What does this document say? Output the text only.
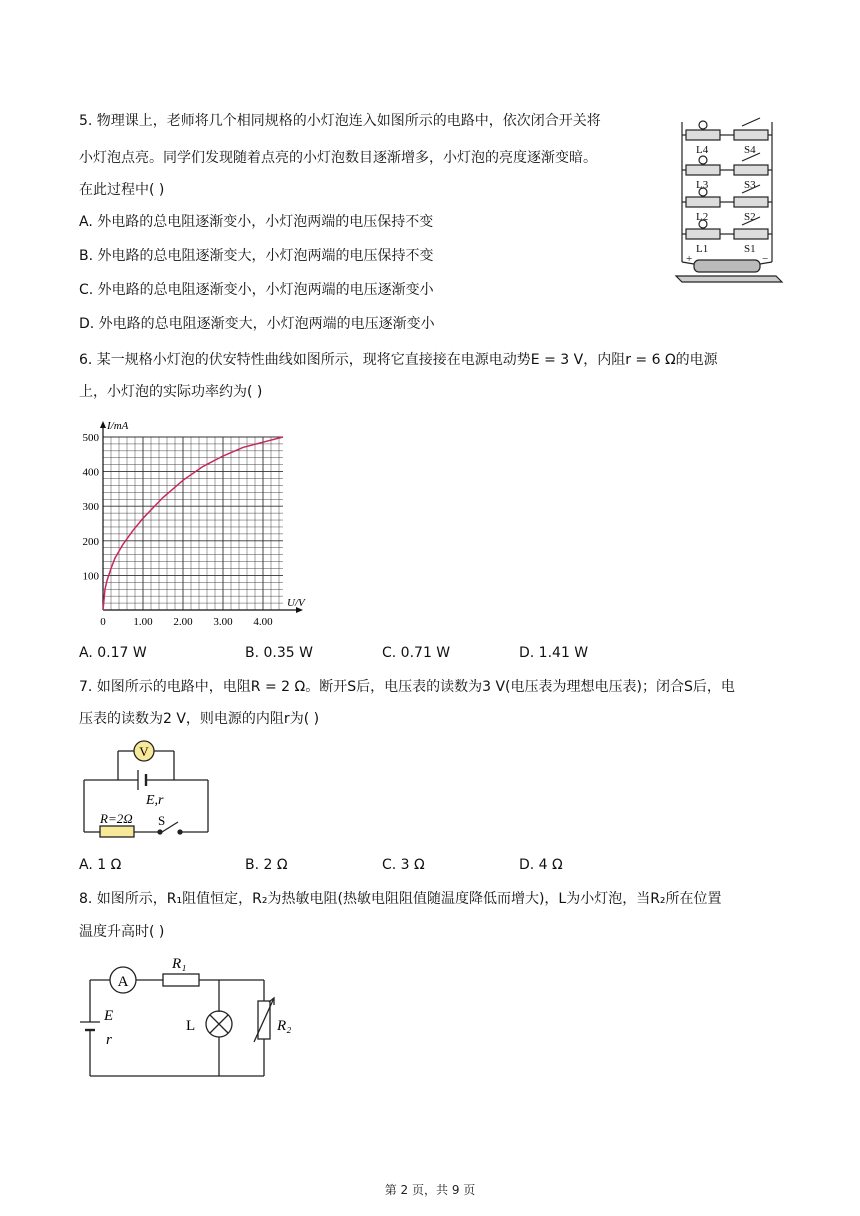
5. 物理课上，老师将几个相同规格的小灯泡连入如图所示的电路中，依次闭合开关将
小灯泡点亮。同学们发现随着点亮的小灯泡数目逐渐增多，小灯泡的亮度逐渐变暗。
在此过程中( )
A. 外电路的总电阻逐渐变小，小灯泡两端的电压保持不变
B. 外电路的总电阻逐渐变大，小灯泡两端的电压保持不变
C. 外电路的总电阻逐渐变小，小灯泡两端的电压逐渐变小
D. 外电路的总电阻逐渐变大，小灯泡两端的电压逐渐变小
L4	S4
L3	S3
L2	S2
L1	S1
+	−
6. 某一规格小灯泡的伏安特性曲线如图所示，现将它直接接在电源电动势E = 3 V，内阻r = 6 Ω的电源
上，小灯泡的实际功率约为( )
0	1.00 2.00 3.00 4.00
100
200
300
400
500
U/V
I/mA
A. 0.17 W	B. 0.35 W	C. 0.71 W	D. 1.41 W
7. 如图所示的电路中，电阻R = 2 Ω。断开S后，电压表的读数为3 V(电压表为理想电压表)；闭合S后，电
压表的读数为2 V，则电源的内阻r为( )
V
E,r
R=2Ω S
A. 1 Ω	B. 2 Ω	C. 3 Ω	D. 4 Ω
8. 如图所示，R₁阻值恒定，R₂为热敏电阻(热敏电阻阻值随温度降低而增大)，L为小灯泡，当R₂所在位置
温度升高时( )
A
R₁
E
r
L	R₂
第 2 页，共 9 页
